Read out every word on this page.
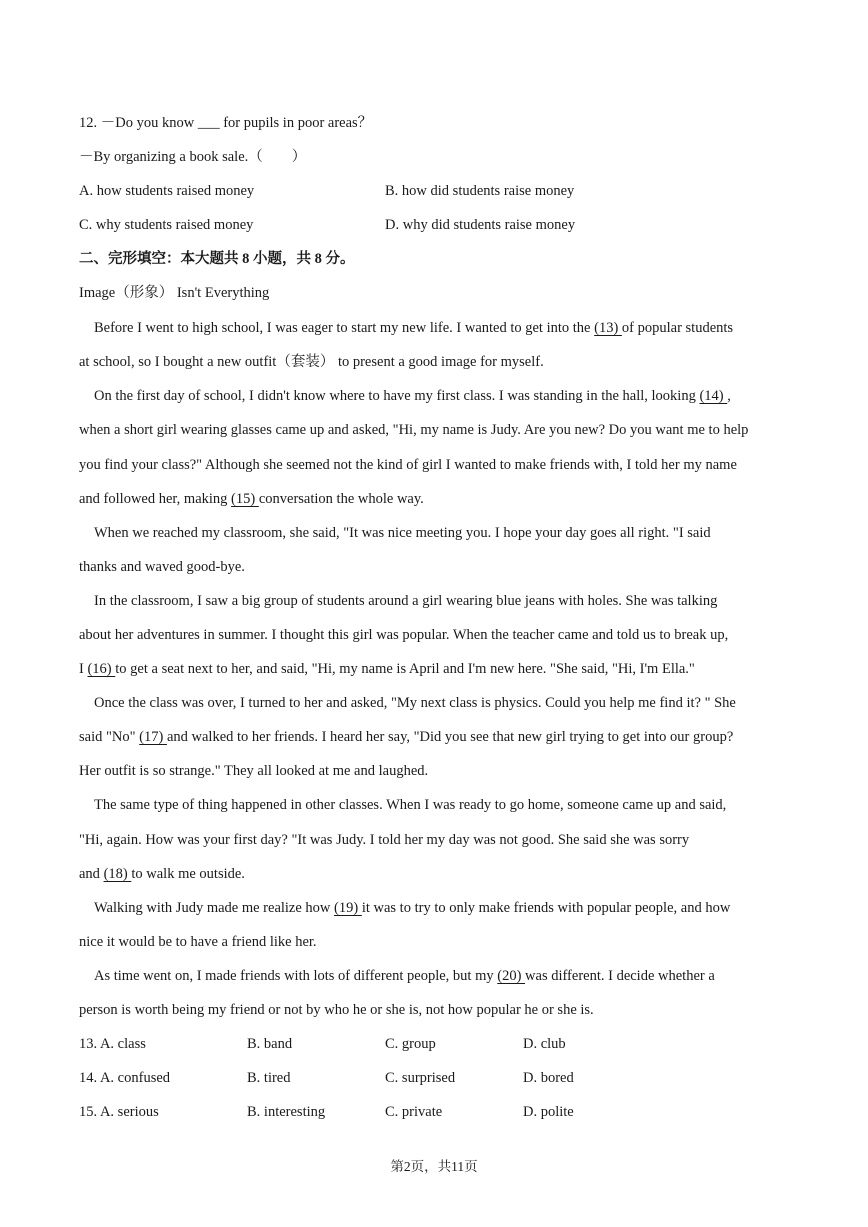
12. －Do you know ___ for pupils in poor areas？
－By organizing a book sale.（　　）
A. how students raised money	B. how did students raise money
C. why students raised money	D. why did students raise money
二、完形填空：本大题共 8 小题，共 8 分。
Image（形象） Isn't Everything
Before I went to high school, I was eager to start my new life. I wanted to get into the (13) of popular students
at school, so I bought a new outfit（套装） to present a good image for myself.
On the first day of school, I didn't know where to have my first class. I was standing in the hall, looking (14) ,
when a short girl wearing glasses came up and asked, "Hi, my name is Judy. Are you new? Do you want me to help
you find your class?" Although she seemed not the kind of girl I wanted to make friends with, I told her my name
and followed her, making (15) conversation the whole way.
When we reached my classroom, she said, "It was nice meeting you. I hope your day goes all right. "I said
thanks and waved good-bye.
In the classroom, I saw a big group of students around a girl wearing blue jeans with holes. She was talking
about her adventures in summer. I thought this girl was popular. When the teacher came and told us to break up,
I (16) to get a seat next to her, and said, "Hi, my name is April and I'm new here. "She said, "Hi, I'm Ella."
Once the class was over, I turned to her and asked, "My next class is physics. Could you help me find it? " She
said "No" (17) and walked to her friends. I heard her say, "Did you see that new girl trying to get into our group?
Her outfit is so strange." They all looked at me and laughed.
The same type of thing happened in other classes. When I was ready to go home, someone came up and said,
"Hi, again. How was your first day? "It was Judy. I told her my day was not good. She said she was sorry
and (18) to walk me outside.
Walking with Judy made me realize how (19) it was to try to only make friends with popular people, and how
nice it would be to have a friend like her.
As time went on, I made friends with lots of different people, but my (20) was different. I decide whether a
person is worth being my friend or not by who he or she is, not how popular he or she is.
13. A. class	B. band	C. group	D. club
14. A. confused	B. tired	C. surprised	D. bored
15. A. serious	B. interesting	C. private	D. polite
第2页，共11页
